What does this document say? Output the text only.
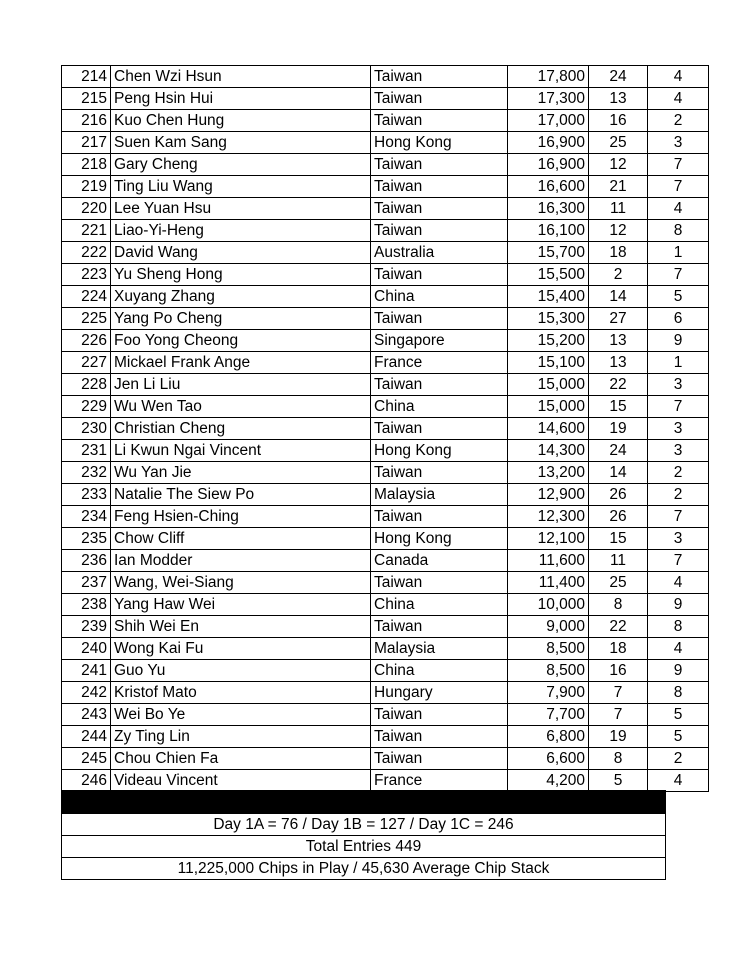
214	Chen Wzi Hsun	Taiwan	17,800	24	4
215	Peng Hsin Hui	Taiwan	17,300	13	4
216	Kuo Chen Hung	Taiwan	17,000	16	2
217	Suen Kam Sang	Hong Kong	16,900	25	3
218	Gary Cheng	Taiwan	16,900	12	7
219	Ting Liu Wang	Taiwan	16,600	21	7
220	Lee Yuan Hsu	Taiwan	16,300	11	4
221	Liao-Yi-Heng	Taiwan	16,100	12	8
222	David Wang	Australia	15,700	18	1
223	Yu Sheng Hong	Taiwan	15,500	2	7
224	Xuyang Zhang	China	15,400	14	5
225	Yang Po Cheng	Taiwan	15,300	27	6
226	Foo Yong Cheong	Singapore	15,200	13	9
227	Mickael Frank Ange	France	15,100	13	1
228	Jen Li Liu	Taiwan	15,000	22	3
229	Wu Wen Tao	China	15,000	15	7
230	Christian Cheng	Taiwan	14,600	19	3
231	Li Kwun Ngai Vincent	Hong Kong	14,300	24	3
232	Wu Yan Jie	Taiwan	13,200	14	2
233	Natalie The Siew Po	Malaysia	12,900	26	2
234	Feng Hsien-Ching	Taiwan	12,300	26	7
235	Chow Cliff	Hong Kong	12,100	15	3
236	Ian Modder	Canada	11,600	11	7
237	Wang, Wei-Siang	Taiwan	11,400	25	4
238	Yang Haw Wei	China	10,000	8	9
239	Shih Wei En	Taiwan	9,000	22	8
240	Wong Kai Fu	Malaysia	8,500	18	4
241	Guo Yu	China	8,500	16	9
242	Kristof Mato	Hungary	7,900	7	8
243	Wei Bo Ye	Taiwan	7,700	7	5
244	Zy Ting Lin	Taiwan	6,800	19	5
245	Chou Chien Fa	Taiwan	6,600	8	2
246	Videau Vincent	France	4,200	5	4

Day 1A = 76 / Day 1B = 127 / Day 1C = 246
Total Entries 449
11,225,000 Chips in Play / 45,630 Average Chip Stack
